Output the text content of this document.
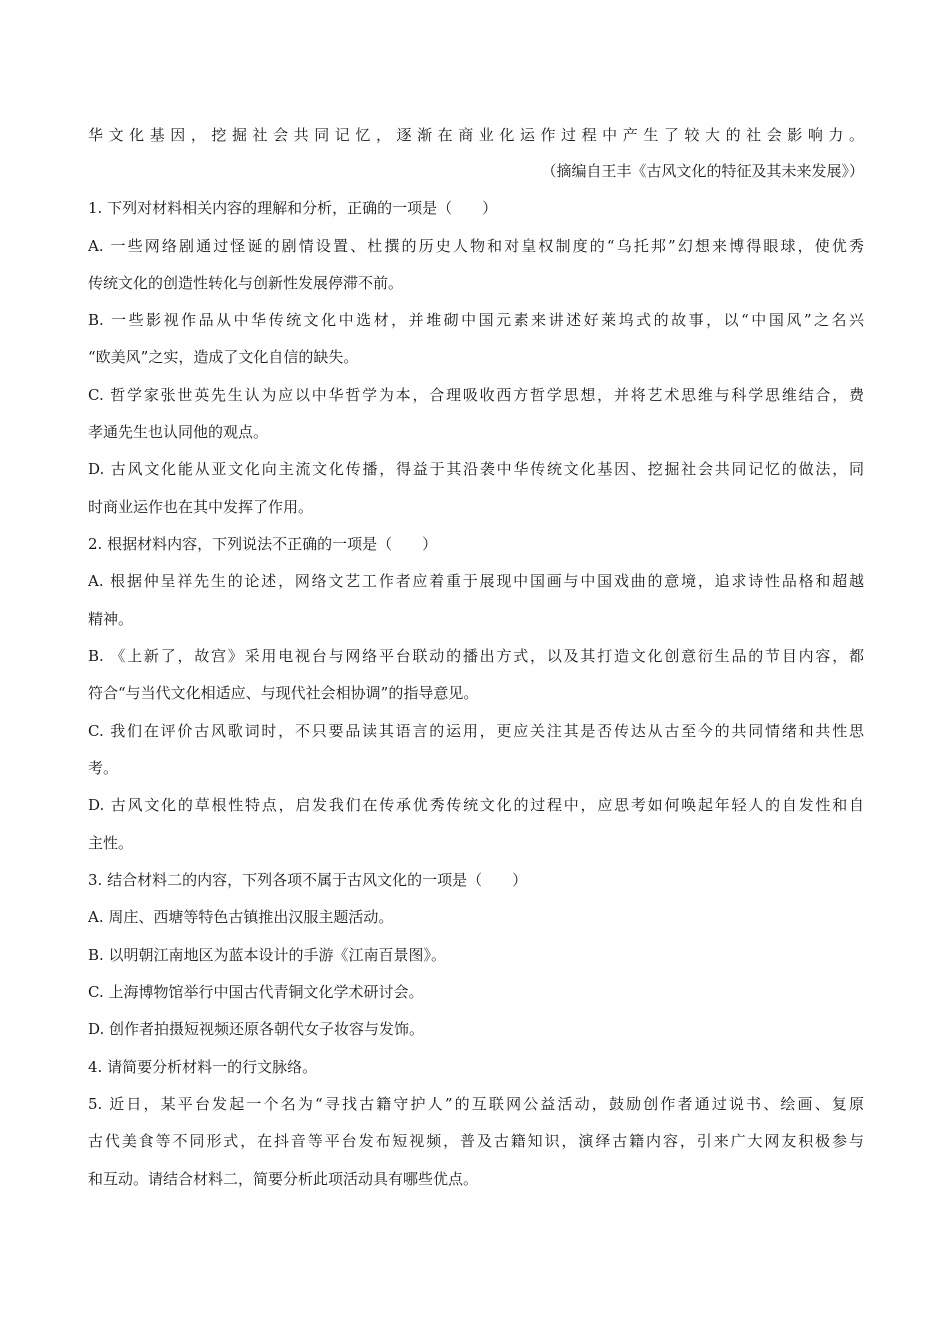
华文化基因，挖掘社会共同记忆，逐渐在商业化运作过程中产生了较大的社会影响力。
（摘编自王丰《古风文化的特征及其未来发展》）
1. 下列对材料相关内容的理解和分析，正确的一项是（　　）
A. 一些网络剧通过怪诞的剧情设置、杜撰的历史人物和对皇权制度的“乌托邦”幻想来博得眼球，使优秀
传统文化的创造性转化与创新性发展停滞不前。
B. 一些影视作品从中华传统文化中选材，并堆砌中国元素来讲述好莱坞式的故事，以“中国风”之名兴
“欧美风”之实，造成了文化自信的缺失。
C. 哲学家张世英先生认为应以中华哲学为本，合理吸收西方哲学思想，并将艺术思维与科学思维结合，费
孝通先生也认同他的观点。
D. 古风文化能从亚文化向主流文化传播，得益于其沿袭中华传统文化基因、挖掘社会共同记忆的做法，同
时商业运作也在其中发挥了作用。
2. 根据材料内容，下列说法不正确的一项是（　　）
A. 根据仲呈祥先生的论述，网络文艺工作者应着重于展现中国画与中国戏曲的意境，追求诗性品格和超越
精神。
B. 《上新了，故宫》采用电视台与网络平台联动的播出方式，以及其打造文化创意衍生品的节目内容，都
符合“与当代文化相适应、与现代社会相协调”的指导意见。
C. 我们在评价古风歌词时，不只要品读其语言的运用，更应关注其是否传达从古至今的共同情绪和共性思
考。
D. 古风文化的草根性特点，启发我们在传承优秀传统文化的过程中，应思考如何唤起年轻人的自发性和自
主性。
3. 结合材料二的内容，下列各项不属于古风文化的一项是（　　）
A. 周庄、西塘等特色古镇推出汉服主题活动。
B. 以明朝江南地区为蓝本设计的手游《江南百景图》。
C. 上海博物馆举行中国古代青铜文化学术研讨会。
D. 创作者拍摄短视频还原各朝代女子妆容与发饰。
4. 请简要分析材料一的行文脉络。
5. 近日，某平台发起一个名为“寻找古籍守护人”的互联网公益活动，鼓励创作者通过说书、绘画、复原
古代美食等不同形式，在抖音等平台发布短视频，普及古籍知识，演绎古籍内容，引来广大网友积极参与
和互动。请结合材料二，简要分析此项活动具有哪些优点。
